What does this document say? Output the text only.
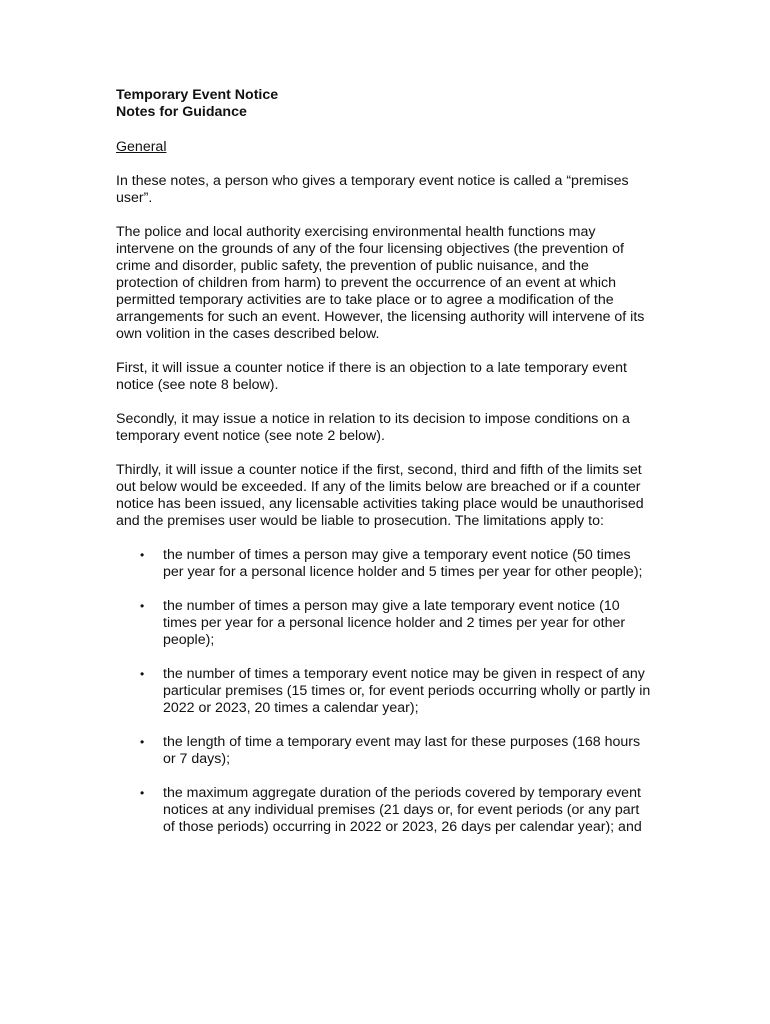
Temporary Event Notice
Notes for Guidance
General

In these notes, a person who gives a temporary event notice is called a “premises user”.

The police and local authority exercising environmental health functions may intervene on the grounds of any of the four licensing objectives (the prevention of crime and disorder, public safety, the prevention of public nuisance, and the protection of children from harm) to prevent the occurrence of an event at which permitted temporary activities are to take place or to agree a modification of the arrangements for such an event. However, the licensing authority will intervene of its own volition in the cases described below.

First, it will issue a counter notice if there is an objection to a late temporary event notice (see note 8 below).

Secondly, it may issue a notice in relation to its decision to impose conditions on a temporary event notice (see note 2 below).

Thirdly, it will issue a counter notice if the first, second, third and fifth of the limits set out below would be exceeded. If any of the limits below are breached or if a counter notice has been issued, any licensable activities taking place would be unauthorised and the premises user would be liable to prosecution. The limitations apply to:

• the number of times a person may give a temporary event notice (50 times per year for a personal licence holder and 5 times per year for other people);
• the number of times a person may give a late temporary event notice (10 times per year for a personal licence holder and 2 times per year for other people);
• the number of times a temporary event notice may be given in respect of any particular premises (15 times or, for event periods occurring wholly or partly in 2022 or 2023, 20 times a calendar year);
• the length of time a temporary event may last for these purposes (168 hours or 7 days);
• the maximum aggregate duration of the periods covered by temporary event notices at any individual premises (21 days or, for event periods (or any part of those periods) occurring in 2022 or 2023, 26 days per calendar year); and
